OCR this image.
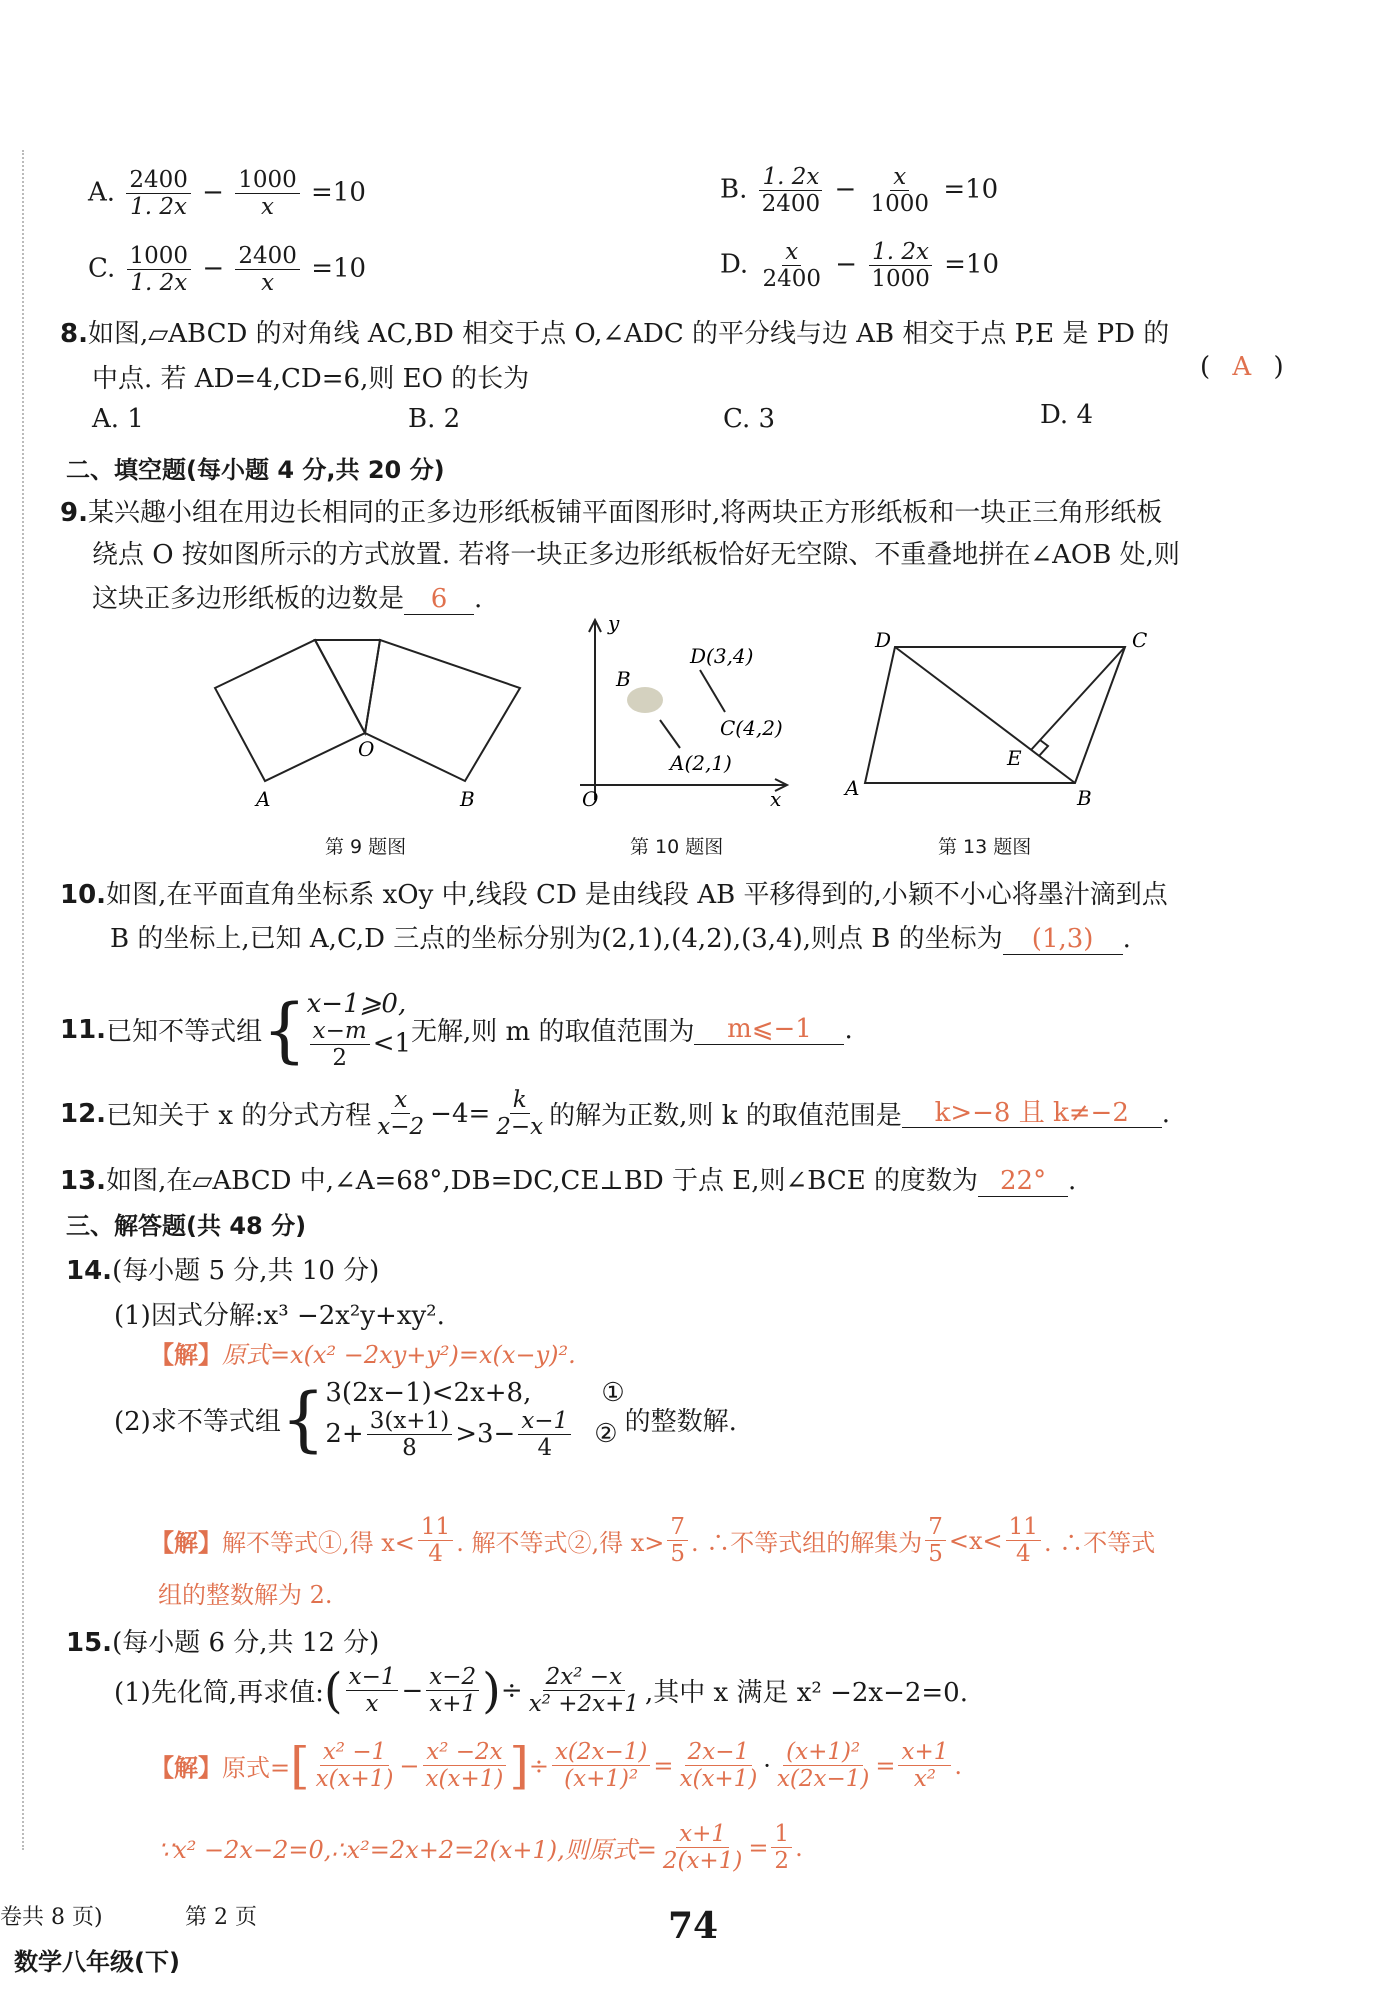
A. $\frac{2400}{1. 2x} - \frac{1000}{x} =10$	B. $\frac{1. 2x}{2400} - \frac{x}{1000} =10$
C. $\frac{1000}{1. 2x} - \frac{2400}{x} =10$	D. $\frac{x}{2400} - \frac{1. 2x}{1000} =10$
8.如图,▱ABCD 的对角线 AC,BD 相交于点 O,∠ADC 的平分线与边 AB 相交于点 P,E 是 PD 的
中点. 若 AD=4,CD=6,则 EO 的长为	( A )
A. 1	B. 2	C. 3	D. 4
二、填空题(每小题 4 分,共 20 分)
9.某兴趣小组在用边长相同的正多边形纸板铺平面图形时,将两块正方形纸板和一块正三角形纸板
绕点 O 按如图所示的方式放置. 若将一块正多边形纸板恰好无空隙、不重叠地拼在∠AOB 处,则
这块正多边形纸板的边数是 6 .
O
A	B
第 9 题图
y
x
O
B
D(3,4)
C(4,2)
A(2,1)
第 10 题图
D	C
A	B
E
第 13 题图
10.如图,在平面直角坐标系 xOy 中,线段 CD 是由线段 AB 平移得到的,小颖不小心将墨汁滴到点
B 的坐标上,已知 A,C,D 三点的坐标分别为(2,1),(4,2),(3,4),则点 B 的坐标为 (1,3) .
11. 已知不等式组 { x−1⩾0,
$\frac{x-m}{2} <1$ 无解,则 m 的取值范围为	m⩽−1	.
12. 已知关于 x 的分式方程 $\frac{x}{x-2} -4= \frac{k}{2-x}$ 的解为正数,则 k 的取值范围是	k>−8 且 k≠−2	.
13.如图,在▱ABCD 中,∠A=68°,DB=DC,CE⊥BD 于点 E,则∠BCE 的度数为 22° .
三、解答题(共 48 分)
14.(每小题 5 分,共 10 分)
(1)因式分解:x³ −2x²y+xy².
【解】原式=x(x² −2xy+y²)=x(x−y)².
(2)求不等式组 { 3(2x−1)<2x+8,	①
$2+ \frac{3(x+1)}{8} >3- \frac{x-1}{4}$ ② 的整数解.
【解】 解不等式①,得 $x< \frac{11}{4}$ . 解不等式②,得 $x> \frac{7}{5}$ . ∴不等式组的解集为 $\frac{7}{5} <x< \frac{11}{4}$ . ∴不等式
组的整数解为 2.
15.(每小题 6 分,共 12 分)
(1)先化简,再求值: ( $\frac{x-1}{x} - \frac{x-2}{x+1}$ ) ÷ $\frac{\text{2x² −x}}{\text{x² +2x+1}}$ ,其中 x 满足 x² −2x−2=0.
【解】 原式= [ $\frac{\text{x² −1}}{x(x+1)} - \frac{\text{x² −2x}}{x(x+1)}$ ] ÷ $\frac{x(2x-1)}{\text{(x+1)²}} = \frac{2x-1}{x(x+1)} \cdot \frac{\text{(x+1)²}}{x(2x-1)} = \frac{x+1}{\text{x²}}$ .
∵x² −2x−2=0,∴x²=2x+2=2(x+1),则原式= $\frac{x+1}{2(x+1)} = \frac{1}{2}$ .
卷共 8 页)	第 2 页
数学八年级(下)
74
